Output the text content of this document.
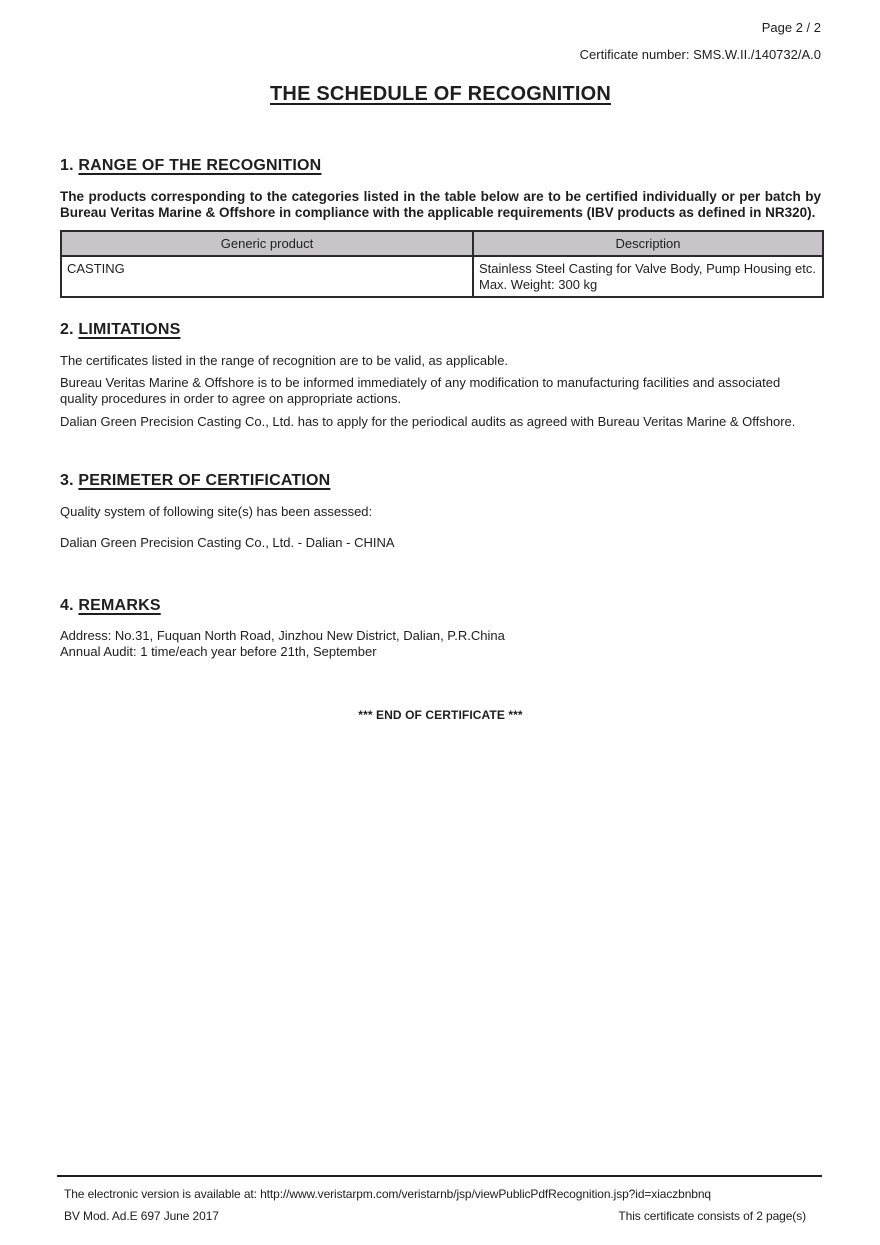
Page 2 / 2
Certificate number: SMS.W.II./140732/A.0
THE SCHEDULE OF RECOGNITION
1. RANGE OF THE RECOGNITION

The products corresponding to the categories listed in the table below are to be certified individually or per batch by Bureau Veritas Marine & Offshore in compliance with the applicable requirements (IBV products as defined in NR320).

Generic product	Description
CASTING	Stainless Steel Casting for Valve Body, Pump Housing etc. Max. Weight: 300 kg
2. LIMITATIONS

The certificates listed in the range of recognition are to be valid, as applicable.

Bureau Veritas Marine & Offshore is to be informed immediately of any modification to manufacturing facilities and associated quality procedures in order to agree on appropriate actions.

Dalian Green Precision Casting Co., Ltd. has to apply for the periodical audits as agreed with Bureau Veritas Marine & Offshore.

3. PERIMETER OF CERTIFICATION

Quality system of following site(s) has been assessed:

Dalian Green Precision Casting Co., Ltd. - Dalian - CHINA

4. REMARKS

Address: No.31, Fuquan North Road, Jinzhou New District, Dalian, P.R.China

Annual Audit: 1 time/each year before 21th, September

*** END OF CERTIFICATE ***
The electronic version is available at: http://www.veristarpm.com/veristarnb/jsp/viewPublicPdfRecognition.jsp?id=xiaczbnbnq
BV Mod. Ad.E 697 June 2017	This certificate consists of 2 page(s)
